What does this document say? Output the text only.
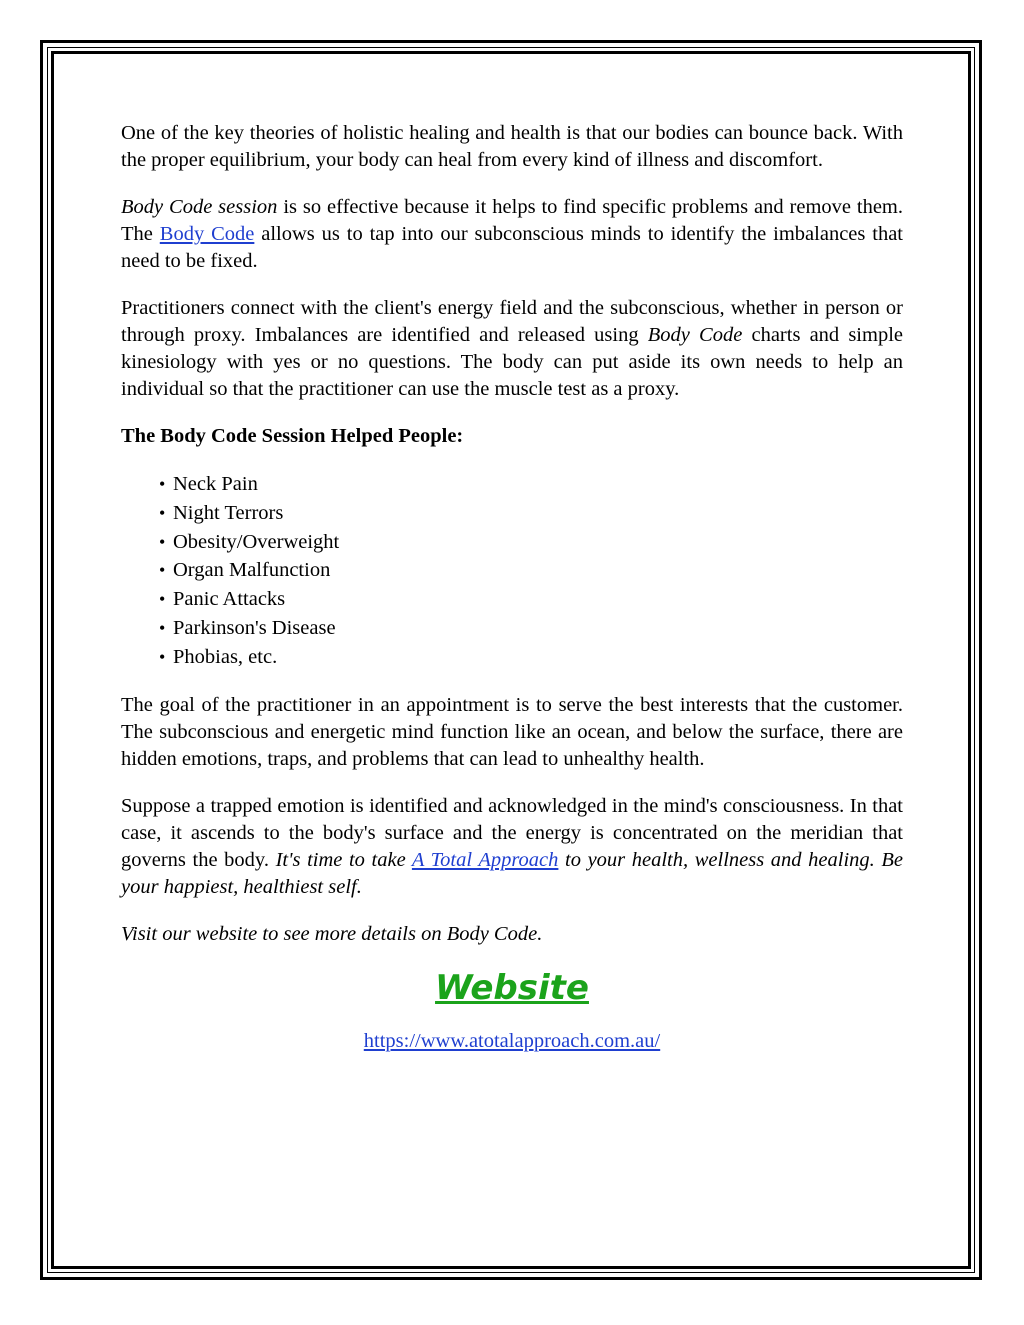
One of the key theories of holistic healing and health is that our bodies can bounce back. With the proper equilibrium, your body can heal from every kind of illness and discomfort.

Body Code session is so effective because it helps to find specific problems and remove them. The Body Code allows us to tap into our subconscious minds to identify the imbalances that need to be fixed.

Practitioners connect with the client's energy field and the subconscious, whether in person or through proxy. Imbalances are identified and released using Body Code charts and simple kinesiology with yes or no questions. The body can put aside its own needs to help an individual so that the practitioner can use the muscle test as a proxy.

The Body Code Session Helped People:
• Neck Pain
• Night Terrors
• Obesity/Overweight
• Organ Malfunction
• Panic Attacks
• Parkinson's Disease
• Phobias, etc.

The goal of the practitioner in an appointment is to serve the best interests that the customer. The subconscious and energetic mind function like an ocean, and below the surface, there are hidden emotions, traps, and problems that can lead to unhealthy health.

Suppose a trapped emotion is identified and acknowledged in the mind's consciousness. In that case, it ascends to the body's surface and the energy is concentrated on the meridian that governs the body. It's time to take A Total Approach to your health, wellness and healing. Be your happiest, healthiest self.

Visit our website to see more details on Body Code.

Website

https://www.atotalapproach.com.au/
